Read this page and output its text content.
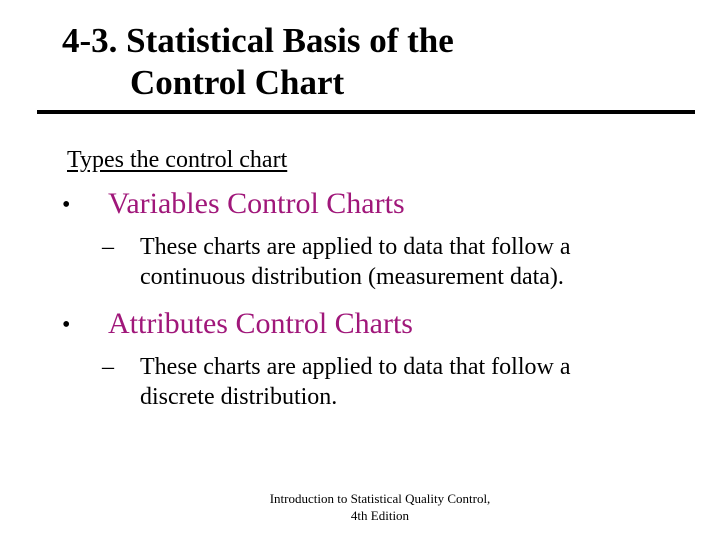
4-3. Statistical Basis of the
Control Chart
Types the control chart
• Variables Control Charts
– These charts are applied to data that follow a
continuous distribution (measurement data).
• Attributes Control Charts
– These charts are applied to data that follow a
discrete distribution.
Introduction to Statistical Quality Control,
4th Edition
